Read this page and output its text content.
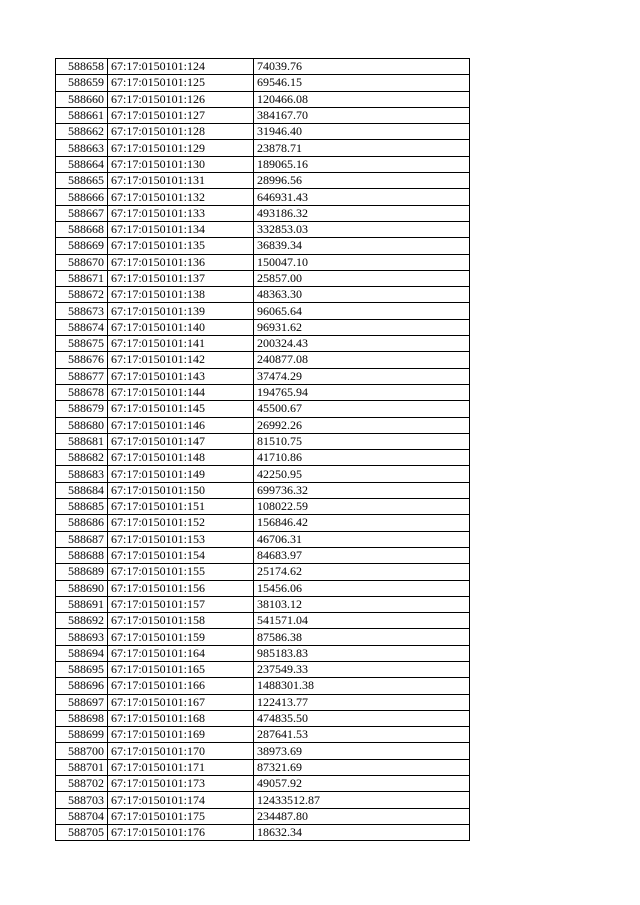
588658	67:17:0150101:124	74039.76
588659	67:17:0150101:125	69546.15
588660	67:17:0150101:126	120466.08
588661	67:17:0150101:127	384167.70
588662	67:17:0150101:128	31946.40
588663	67:17:0150101:129	23878.71
588664	67:17:0150101:130	189065.16
588665	67:17:0150101:131	28996.56
588666	67:17:0150101:132	646931.43
588667	67:17:0150101:133	493186.32
588668	67:17:0150101:134	332853.03
588669	67:17:0150101:135	36839.34
588670	67:17:0150101:136	150047.10
588671	67:17:0150101:137	25857.00
588672	67:17:0150101:138	48363.30
588673	67:17:0150101:139	96065.64
588674	67:17:0150101:140	96931.62
588675	67:17:0150101:141	200324.43
588676	67:17:0150101:142	240877.08
588677	67:17:0150101:143	37474.29
588678	67:17:0150101:144	194765.94
588679	67:17:0150101:145	45500.67
588680	67:17:0150101:146	26992.26
588681	67:17:0150101:147	81510.75
588682	67:17:0150101:148	41710.86
588683	67:17:0150101:149	42250.95
588684	67:17:0150101:150	699736.32
588685	67:17:0150101:151	108022.59
588686	67:17:0150101:152	156846.42
588687	67:17:0150101:153	46706.31
588688	67:17:0150101:154	84683.97
588689	67:17:0150101:155	25174.62
588690	67:17:0150101:156	15456.06
588691	67:17:0150101:157	38103.12
588692	67:17:0150101:158	541571.04
588693	67:17:0150101:159	87586.38
588694	67:17:0150101:164	985183.83
588695	67:17:0150101:165	237549.33
588696	67:17:0150101:166	1488301.38
588697	67:17:0150101:167	122413.77
588698	67:17:0150101:168	474835.50
588699	67:17:0150101:169	287641.53
588700	67:17:0150101:170	38973.69
588701	67:17:0150101:171	87321.69
588702	67:17:0150101:173	49057.92
588703	67:17:0150101:174	12433512.87
588704	67:17:0150101:175	234487.80
588705	67:17:0150101:176	18632.34
